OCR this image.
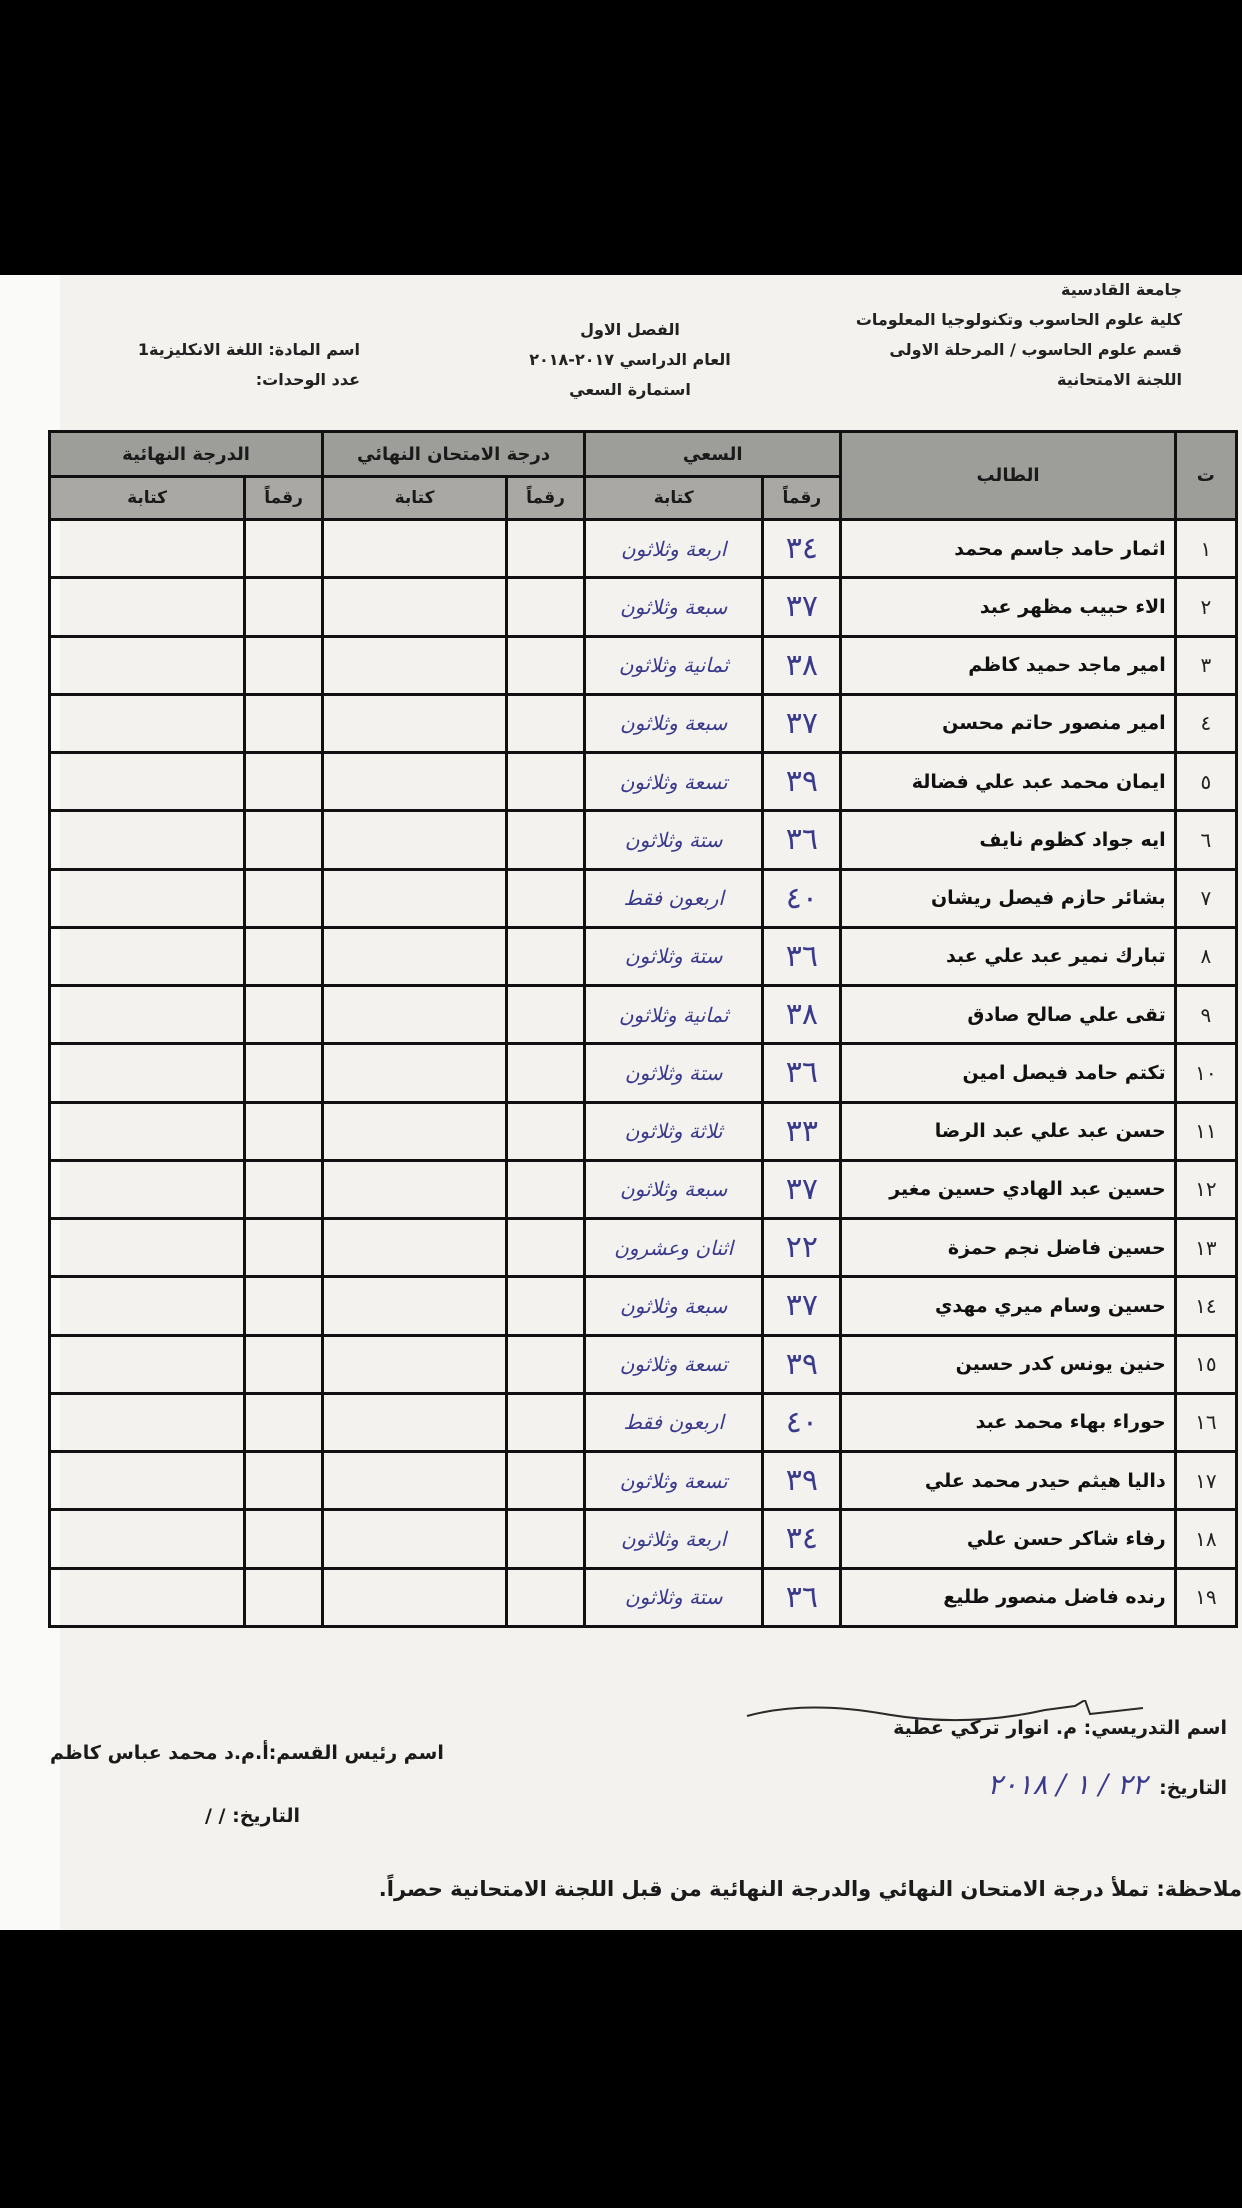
جامعة القادسية
كلية علوم الحاسوب وتكنولوجيا المعلومات
قسم علوم الحاسوب / المرحلة الاولى
اللجنة الامتحانية
الفصل الاول
العام الدراسي ٢٠١٧-٢٠١٨
استمارة السعي
اسم المادة: اللغة الانكليزية1
عدد الوحدات:
ت	الطالب	السعي		درجة الامتحان النهائي		الدرجة النهائية	
		رقماً	كتابة	رقماً	كتابة	رقماً	كتابة
١	اثمار حامد جاسم محمد	٣٤	اربعة وثلاثون				
٢	الاء حبيب مظهر عبد	٣٧	سبعة وثلاثون				
٣	امير ماجد حميد كاظم	٣٨	ثمانية وثلاثون				
٤	امير منصور حاتم محسن	٣٧	سبعة وثلاثون				
٥	ايمان محمد عبد علي فضالة	٣٩	تسعة وثلاثون				
٦	ايه جواد كظوم نايف	٣٦	ستة وثلاثون				
٧	بشائر حازم فيصل ريشان	٤٠	اربعون فقط				
٨	تبارك نمير عبد علي عبد	٣٦	ستة وثلاثون				
٩	تقى علي صالح صادق	٣٨	ثمانية وثلاثون				
١٠	تكتم حامد فيصل امين	٣٦	ستة وثلاثون				
١١	حسن عبد علي عبد الرضا	٣٣	ثلاثة وثلاثون				
١٢	حسين عبد الهادي حسين مغير	٣٧	سبعة وثلاثون				
١٣	حسين فاضل نجم حمزة	٢٢	اثنان وعشرون				
١٤	حسين وسام ميري مهدي	٣٧	سبعة وثلاثون				
١٥	حنين يونس كدر حسين	٣٩	تسعة وثلاثون				
١٦	حوراء بهاء محمد عبد	٤٠	اربعون فقط				
١٧	داليا هيثم حيدر محمد علي	٣٩	تسعة وثلاثون				
١٨	رفاء شاكر حسن علي	٣٤	اربعة وثلاثون				
١٩	رنده فاضل منصور طليع	٣٦	ستة وثلاثون				
اسم التدريسي: م. انوار تركي عطية
التاريخ:٢٢ / ١ / ٢٠١٨
اسم رئيس القسم:أ.م.د محمد عباس كاظم
التاريخ: / /
ملاحظة: تملأ درجة الامتحان النهائي والدرجة النهائية من قبل اللجنة الامتحانية حصراً.
